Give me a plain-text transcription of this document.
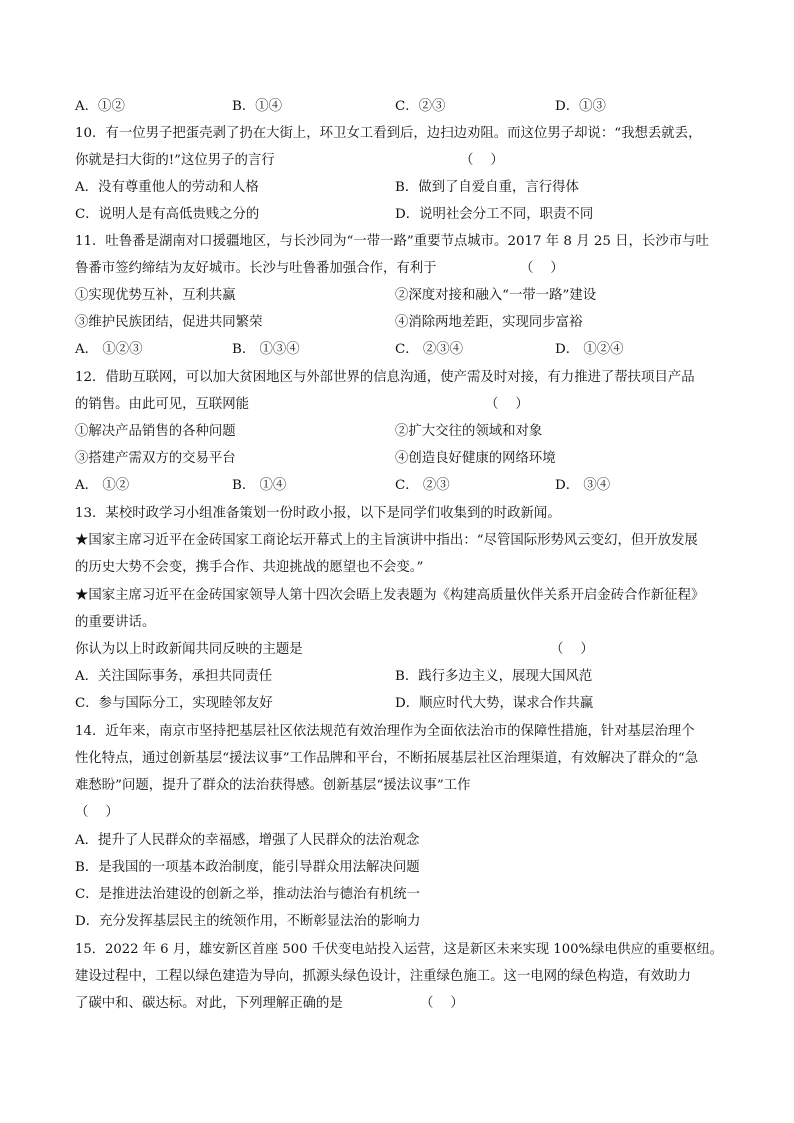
A．①②	B．①④	C．②③	D．①③
10．有一位男子把蛋壳剥了扔在大街上，环卫女工看到后，边扫边劝阻。而这位男子却说：“我想丢就丢，
你就是扫大街的!”这位男子的言行	（    ）
A．没有尊重他人的劳动和人格	B．做到了自爱自重，言行得体
C．说明人是有高低贵贱之分的	D．说明社会分工不同，职责不同
11．吐鲁番是湖南对口援疆地区，与长沙同为“一带一路”重要节点城市。2017 年 8 月 25 日，长沙市与吐
鲁番市签约缔结为友好城市。长沙与吐鲁番加强合作，有利于	（    ）
①实现优势互补，互利共赢	②深度对接和融入“一带一路”建设
③维护民族团结，促进共同繁荣	④消除两地差距，实现同步富裕
A． ①②③	B． ①③④	C． ②③④	D． ①②④
12．借助互联网，可以加大贫困地区与外部世界的信息沟通，使产需及时对接，有力推进了帮扶项目产品
的销售。由此可见，互联网能	（    ）
①解决产品销售的各种问题	②扩大交往的领域和对象
③搭建产需双方的交易平台	④创造良好健康的网络环境
A． ①②	B． ①④	C． ②③	D． ③④
13．某校时政学习小组准备策划一份时政小报，以下是同学们收集到的时政新闻。
★国家主席习近平在金砖国家工商论坛开幕式上的主旨演讲中指出：“尽管国际形势风云变幻，但开放发展
的历史大势不会变，携手合作、共迎挑战的愿望也不会变。”
★国家主席习近平在金砖国家领导人第十四次会晤上发表题为《构建高质量伙伴关系开启金砖合作新征程》
的重要讲话。
你认为以上时政新闻共同反映的主题是	（    ）
A．关注国际事务，承担共同责任	B．践行多边主义，展现大国风范
C．参与国际分工，实现睦邻友好	D．顺应时代大势，谋求合作共赢
14．近年来，南京市坚持把基层社区依法规范有效治理作为全面依法治市的保障性措施，针对基层治理个
性化特点，通过创新基层“援法议事”工作品牌和平台，不断拓展基层社区治理渠道，有效解决了群众的“急
难愁盼”问题，提升了群众的法治获得感。创新基层“援法议事”工作
（    ）
A．提升了人民群众的幸福感，增强了人民群众的法治观念
B．是我国的一项基本政治制度，能引导群众用法解决问题
C．是推进法治建设的创新之举，推动法治与德治有机统一
D．充分发挥基层民主的统领作用，不断彰显法治的影响力
15．2022 年 6 月，雄安新区首座 500 千伏变电站投入运营，这是新区未来实现 100%绿电供应的重要枢纽。
建设过程中，工程以绿色建造为导向，抓源头绿色设计，注重绿色施工。这一电网的绿色构造，有效助力
了碳中和、碳达标。对此，下列理解正确的是	（    ）
